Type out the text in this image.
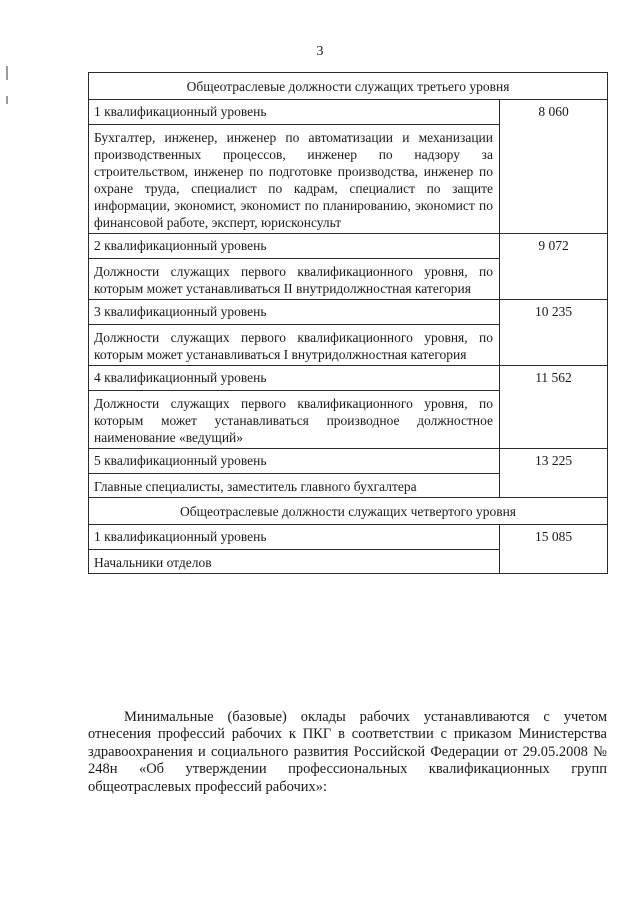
3
Общеотраслевые должности служащих третьего уровня	
1 квалификационный уровень	8 060
Бухгалтер, инженер, инженер по автоматизации и механизации производственных процессов, инженер по надзору за строительством, инженер по подготовке производства, инженер по охране труда, специалист по кадрам, специалист по защите информации, экономист, экономист по планированию, экономист по финансовой работе, эксперт, юрисконсульт	
2 квалификационный уровень	9 072
Должности служащих первого квалификационного уровня, по которым может устанавливаться II внутридолжностная категория	
3 квалификационный уровень	10 235
Должности служащих первого квалификационного уровня, по которым может устанавливаться I внутридолжностная категория	
4 квалификационный уровень	11 562
Должности служащих первого квалификационного уровня, по которым может устанавливаться производное должностное наименование «ведущий»	
5 квалификационный уровень	13 225
Главные специалисты, заместитель главного бухгалтера	
Общеотраслевые должности служащих четвертого уровня	
1 квалификационный уровень	15 085
Начальники отделов	

Минимальные (базовые) оклады рабочих устанавливаются с учетом отнесения профессий рабочих к ПКГ в соответствии с приказом Министерства здравоохранения и социального развития Российской Федерации от 29.05.2008 № 248н «Об утверждении профессиональных квалификационных групп общеотраслевых профессий рабочих»:
